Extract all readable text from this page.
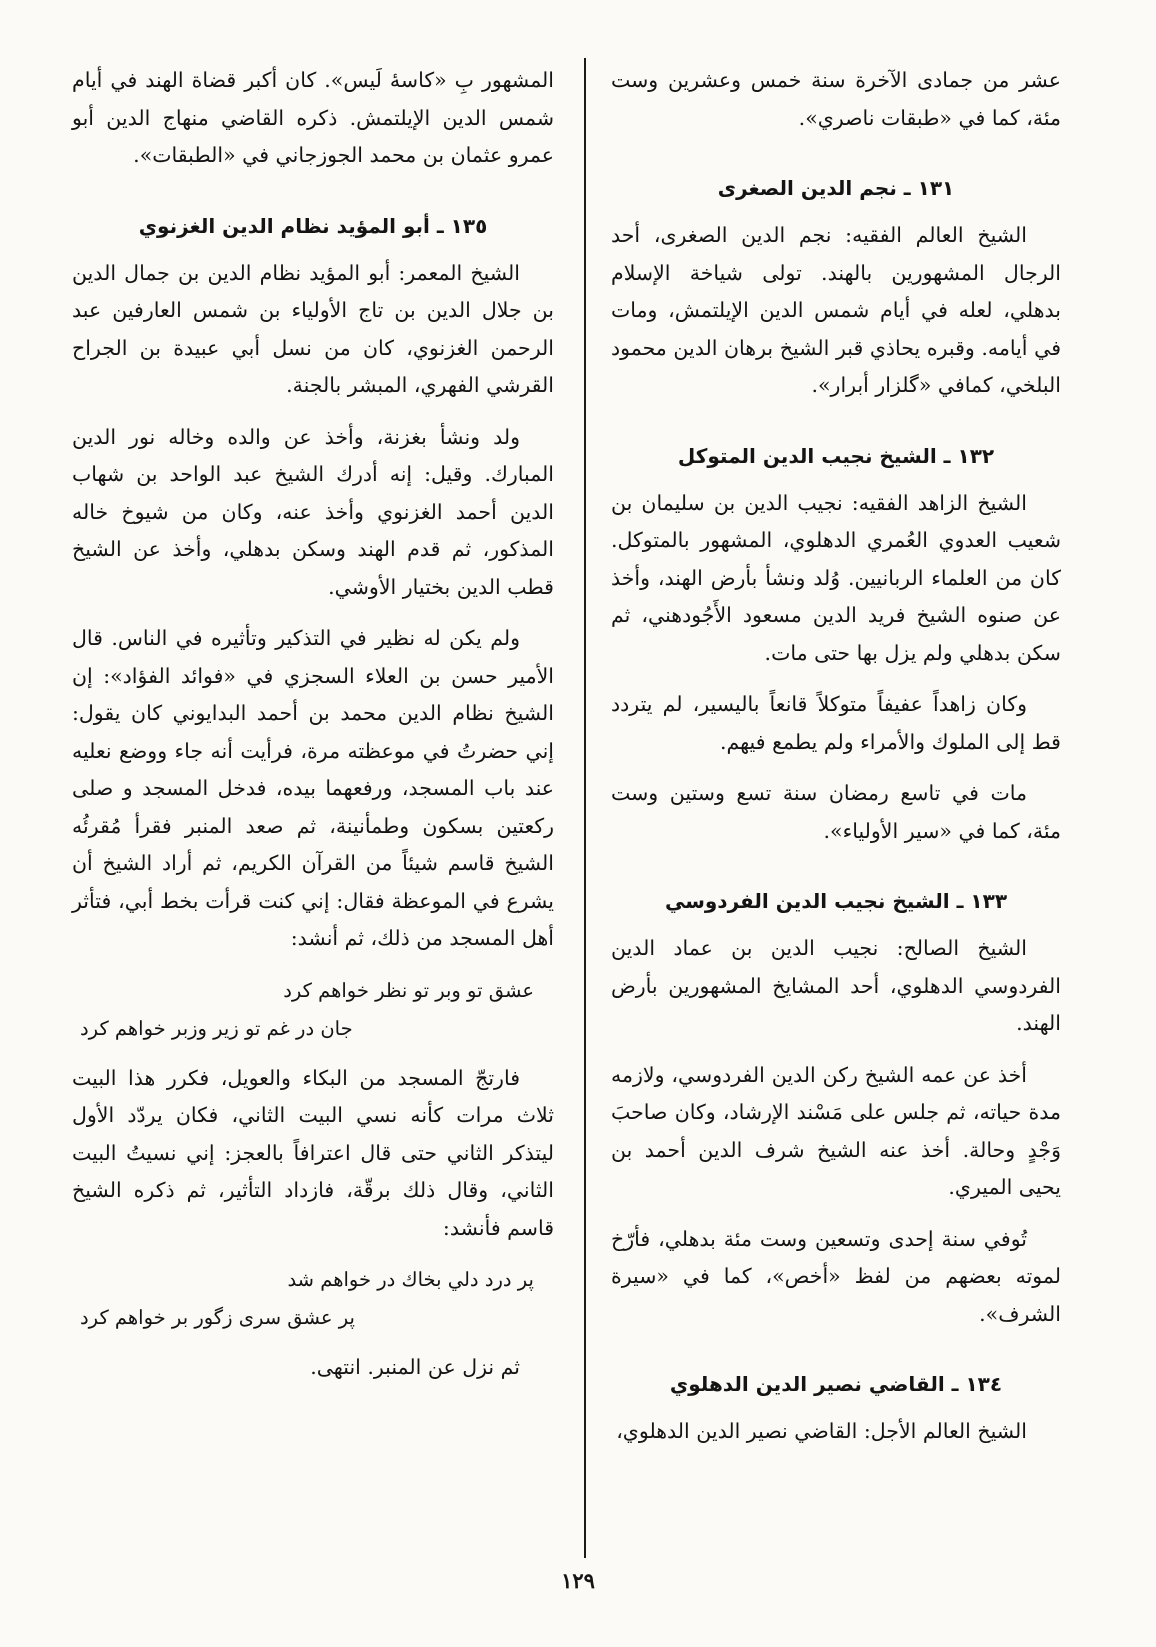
عشر من جمادى الآخرة سنة خمس وعشرين وست مئة، كما في «طبقات ناصري».

١٣١ ـ نجم الدين الصغرى

الشيخ العالم الفقيه: نجم الدين الصغرى، أحد الرجال المشهورين بالهند. تولى شياخة الإسلام بدهلي، لعله في أيام شمس الدين الإيلتمش، ومات في أيامه. وقبره يحاذي قبر الشيخ برهان الدين محمود البلخي، كمافي «گلزار أبرار».

١٣٢ ـ الشيخ نجيب الدين المتوكل

الشيخ الزاهد الفقيه: نجيب الدين بن سليمان بن شعيب العدوي العُمري الدهلوي، المشهور بالمتوكل. كان من العلماء الربانيين. وُلد ونشأ بأرض الهند، وأخذ عن صنوه الشيخ فريد الدين مسعود الأَجُودهني، ثم سكن بدهلي ولم يزل بها حتى مات.

وكان زاهداً عفيفاً متوكلاً قانعاً باليسير، لم يتردد قط إلى الملوك والأمراء ولم يطمع فيهم.

مات في تاسع رمضان سنة تسع وستين وست مئة، كما في «سير الأولياء».

١٣٣ ـ الشيخ نجيب الدين الفردوسي

الشيخ الصالح: نجيب الدين بن عماد الدين الفردوسي الدهلوي، أحد المشايخ المشهورين بأرض الهند.

أخذ عن عمه الشيخ ركن الدين الفردوسي، ولازمه مدة حياته، ثم جلس على مَسْند الإرشاد، وكان صاحبَ وَجْدٍ وحالة. أخذ عنه الشيخ شرف الدين أحمد بن يحيى الميري.

تُوفي سنة إحدى وتسعين وست مئة بدهلي، فأرّخ لموته بعضهم من لفظ «أخص»، كما في «سيرة الشرف».

١٣٤ ـ القاضي نصير الدين الدهلوي

الشيخ العالم الأجل: القاضي نصير الدين الدهلوي،

المشهور بِ «كاسهٔ لَيس». كان أكبر قضاة الهند في أيام شمس الدين الإيلتمش. ذكره القاضي منهاج الدين أبو عمرو عثمان بن محمد الجوزجاني في «الطبقات».

١٣٥ ـ أبو المؤيد نظام الدين الغزنوي

الشيخ المعمر: أبو المؤيد نظام الدين بن جمال الدين بن جلال الدين بن تاج الأولياء بن شمس العارفين عبد الرحمن الغزنوي، كان من نسل أبي عبيدة بن الجراح القرشي الفهري، المبشر بالجنة.

ولد ونشأ بغزنة، وأخذ عن والده وخاله نور الدين المبارك. وقيل: إنه أدرك الشيخ عبد الواحد بن شهاب الدين أحمد الغزنوي وأخذ عنه، وكان من شيوخ خاله المذكور، ثم قدم الهند وسكن بدهلي، وأخذ عن الشيخ قطب الدين بختيار الأوشي.

ولم يكن له نظير في التذكير وتأثيره في الناس. قال الأمير حسن بن العلاء السجزي في «فوائد الفؤاد»: إن الشيخ نظام الدين محمد بن أحمد البدايوني كان يقول: إني حضرتُ في موعظته مرة، فرأيت أنه جاء ووضع نعليه عند باب المسجد، ورفعهما بيده، فدخل المسجد و صلى ركعتين بسكون وطمأنينة، ثم صعد المنبر فقرأ مُقرئُه الشيخ قاسم شيئاً من القرآن الكريم، ثم أراد الشيخ أن يشرع في الموعظة فقال: إني كنت قرأت بخط أبي، فتأثر أهل المسجد من ذلك، ثم أنشد:

عشق تو وبر تو نظر خواهم كرد
جان در غم تو زير وزبر خواهم كرد

فارتجّ المسجد من البكاء والعويل، فكرر هذا البيت ثلاث مرات كأنه نسي البيت الثاني، فكان يردّد الأول ليتذكر الثاني حتى قال اعترافاً بالعجز: إني نسيتُ البيت الثاني، وقال ذلك برقّة، فازداد التأثير، ثم ذكره الشيخ قاسم فأنشد:

پر درد دلي بخاك در خواهم شد
پر عشق سرى زگور بر خواهم كرد

ثم نزل عن المنبر. انتهى.

١٢٩
